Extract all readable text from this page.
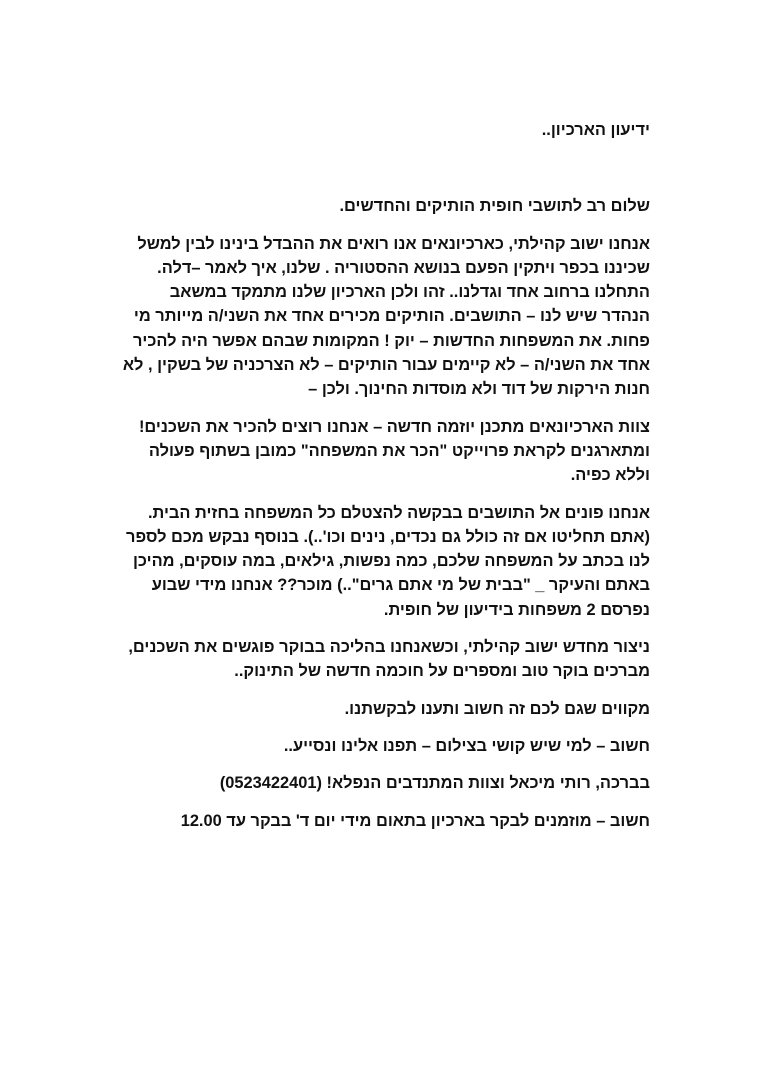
ידיעון הארכיון..

שלום רב לתושבי חופית הותיקים והחדשים.

אנחנו ישוב קהילתי, כארכיונאים אנו רואים את ההבדל בינינו לבין למשל
שכיננו בכפר ויתקין הפעם בנושא ההסטוריה . שלנו, איך לאמר –דלה.
התחלנו ברחוב אחד וגדלנו.. זהו ולכן הארכיון שלנו מתמקד במשאב
הנהדר שיש לנו – התושבים. הותיקים מכירים אחד את השני/ה מייותר מי
פחות. את המשפחות החדשות – יוק ! המקומות שבהם אפשר היה להכיר
אחד את השני/ה – לא קיימים עבור הותיקים – לא הצרכניה של בשקין , לא
חנות הירקות של דוד ולא מוסדות החינוך. ולכן –

צוות הארכיונאים מתכנן יוזמה חדשה – אנחנו רוצים להכיר את השכנים!
ומתארגנים לקראת פרוייקט "הכר את המשפחה" כמובן בשתוף פעולה
וללא כפיה.

אנחנו פונים אל התושבים בבקשה להצטלם כל המשפחה בחזית הבית.
(אתם תחליטו אם זה כולל גם נכדים, נינים וכו'..). בנוסף נבקש מכם לספר
לנו בכתב על המשפחה שלכם, כמה נפשות, גילאים, במה עוסקים, מהיכן
באתם והעיקר _ "בבית של מי אתם גרים"..) מוכר?? אנחנו מידי שבוע
נפרסם 2 משפחות בידיעון של חופית.

ניצור מחדש ישוב קהילתי, וכשאנחנו בהליכה בבוקר פוגשים את השכנים,
מברכים בוקר טוב ומספרים על חוכמה חדשה של התינוק..

מקווים שגם לכם זה חשוב ותענו לבקשתנו.

חשוב – למי שיש קושי בצילום – תפנו אלינו ונסייע..

בברכה, רותי מיכאל וצוות המתנדבים הנפלא! (0523422401)

חשוב – מוזמנים לבקר בארכיון בתאום מידי יום ד' בבקר עד 12.00
